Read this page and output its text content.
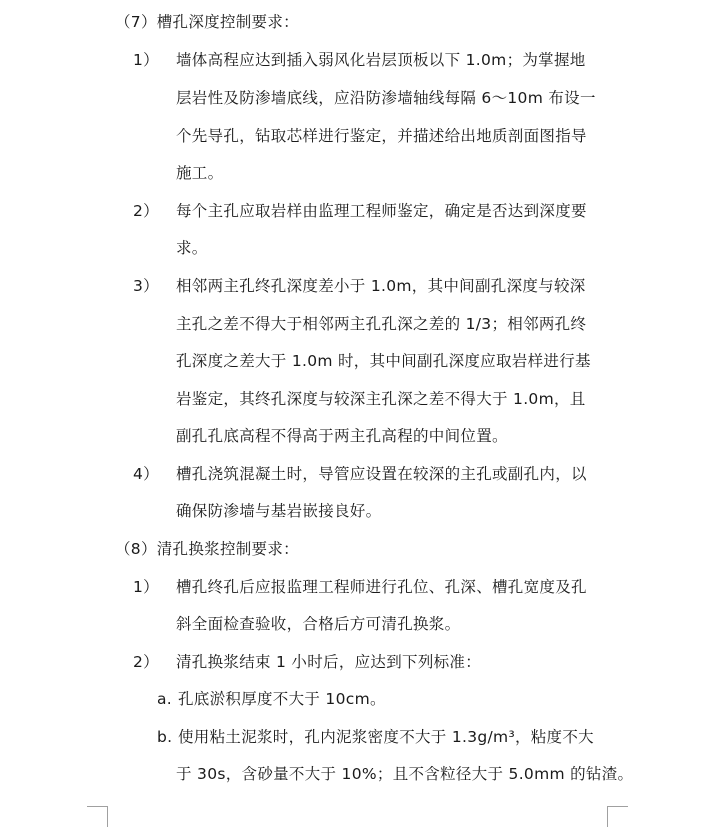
（7）槽孔深度控制要求：
1） 墙体高程应达到插入弱风化岩层顶板以下 1.0m；为掌握地
层岩性及防渗墙底线，应沿防渗墙轴线每隔 6～10m 布设一
个先导孔，钻取芯样进行鉴定，并描述给出地质剖面图指导
施工。
2） 每个主孔应取岩样由监理工程师鉴定，确定是否达到深度要
求。
3） 相邻两主孔终孔深度差小于 1.0m，其中间副孔深度与较深
主孔之差不得大于相邻两主孔孔深之差的 1/3；相邻两孔终
孔深度之差大于 1.0m 时，其中间副孔深度应取岩样进行基
岩鉴定，其终孔深度与较深主孔深之差不得大于 1.0m，且
副孔孔底高程不得高于两主孔高程的中间位置。
4） 槽孔浇筑混凝土时，导管应设置在较深的主孔或副孔内，以
确保防渗墙与基岩嵌接良好。
（8）清孔换浆控制要求：
1） 槽孔终孔后应报监理工程师进行孔位、孔深、槽孔宽度及孔
斜全面检查验收，合格后方可清孔换浆。
2） 清孔换浆结束 1 小时后，应达到下列标准：
a. 孔底淤积厚度不大于 10cm。
b. 使用粘土泥浆时，孔内泥浆密度不大于 1.3g/m³，粘度不大
于 30s，含砂量不大于 10%；且不含粒径大于 5.0mm 的钻渣。
